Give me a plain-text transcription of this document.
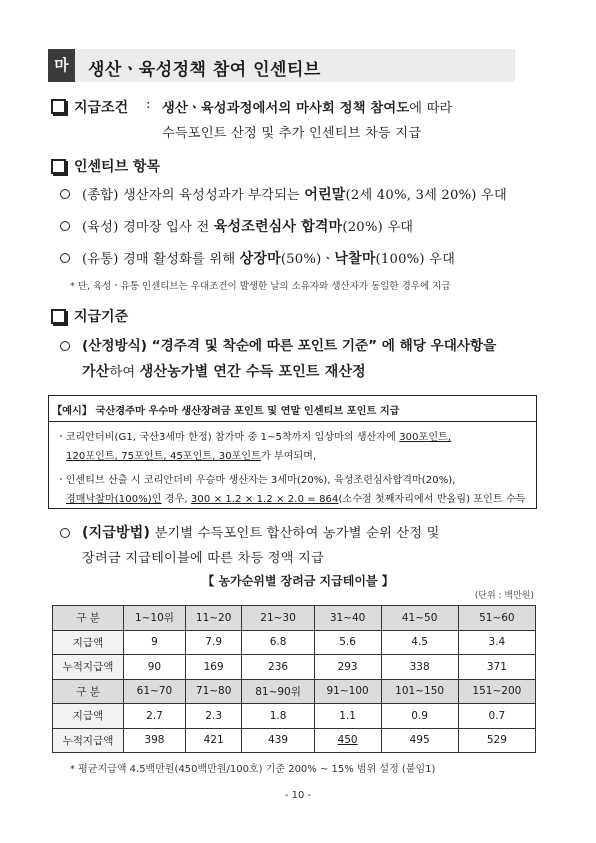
마	생산ㆍ육성정책 참여 인센티브
지급조건 : 생산ㆍ육성과정에서의 마사회 정책 참여도에 따라
수득포인트 산정 및 추가 인센티브 차등 지급
인센티브 항목
(종합) 생산자의 육성성과가 부각되는 어린말(2세 40%, 3세 20%) 우대
(육성) 경마장 입사 전 육성조련심사 합격마(20%) 우대
(유통) 경매 활성화를 위해 상장마(50%)ㆍ낙찰마(100%) 우대
* 단, 육성ㆍ유통 인센티브는 우대조건이 발생한 날의 소유자와 생산자가 동일한 경우에 지급
지급기준
(산정방식) “경주격 및 착순에 따른 포인트 기준” 에 해당 우대사항을
가산하여 생산농가별 연간 수득 포인트 재산정
【예시】 국산경주마 우수마 생산장려금 포인트 및 연말 인센티브 포인트 지급
ㆍ코리안더비(G1, 국산3세마 한정) 참가마 중 1~5착까지 입상마의 생산자에 300포인트,
120포인트, 75포인트, 45포인트, 30포인트가 부여되며,
ㆍ인센티브 산출 시 코리안더비 우승마 생산자는 3세마(20%), 육성조련심사합격마(20%),
경매낙찰마(100%)인 경우, 300 × 1.2 × 1.2 × 2.0 = 864(소수점 첫째자리에서 반올림) 포인트 수득
(지급방법) 분기별 수득포인트 합산하여 농가별 순위 산정 및
장려금 지급테이블에 따른 차등 정액 지급
【 농가순위별 장려금 지급테이블 】
(단위 : 백만원)
구 분	1~10위	11~20	21~30	31~40	41~50	51~60
지급액	9	7.9	6.8	5.6	4.5	3.4
누적지급액	90	169	236	293	338	371
구 분	61~70	71~80	81~90위	91~100	101~150	151~200
지급액	2.7	2.3	1.8	1.1	0.9	0.7
누적지급액	398	421	439	450	495	529
* 평균지급액 4.5백만원(450백만원/100호) 기준 200% ~ 15% 범위 설정 (붙임1)
- 10 -
